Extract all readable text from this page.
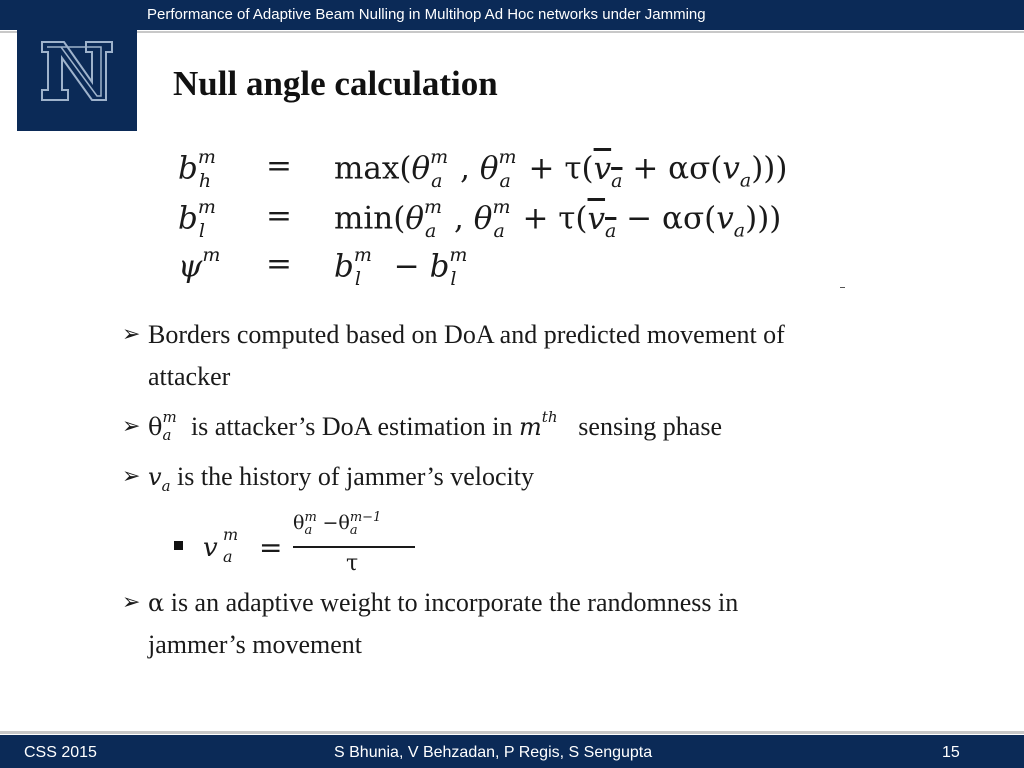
Performance of Adaptive Beam Nulling in Multihop Ad Hoc networks under Jamming
Null angle calculation
b m
h = max(θ m
a , θ m
$a + \tau(v_a + \alpha\sigma(v_a))$)
b m
l = min(θ m
a , θ m
$a + \tau(v_a - \alpha\sigma(v_a))$)
ψ m = b m
l − b m
l
➢ Borders computed based on DoA and predicted movement of
attacker
➢ θ m
a is attacker’s DoA estimation in m th sensing phase
➢ $v_a$ is the history of jammer’s velocity
➢ α is an adaptive weight to incorporate the randomness in
jammer’s movement
v m
a =
θ m
a −θ m−1
a
τ
CSS 2015	S Bhunia, V Behzadan, P Regis, S Sengupta	15
